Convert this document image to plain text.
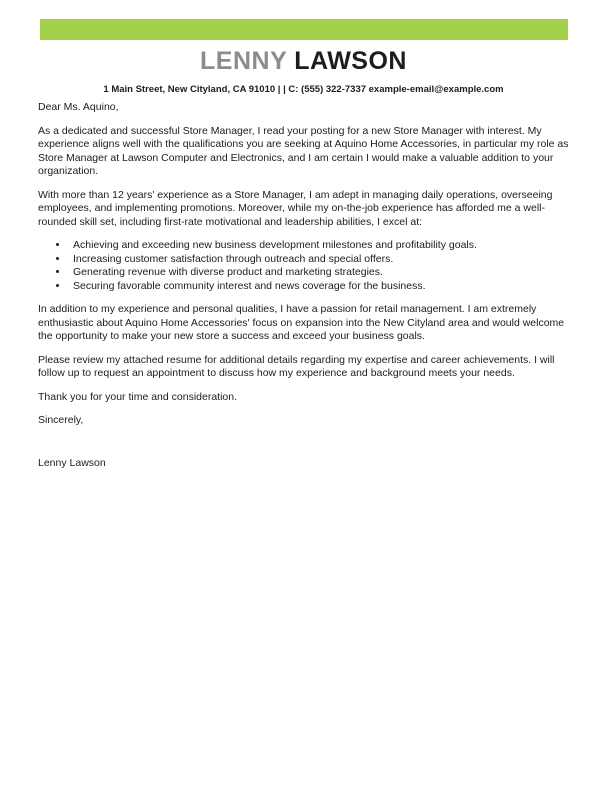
LENNY LAWSON
1 Main Street, New Cityland, CA 91010 | | C: (555) 322-7337 example-email@example.com

Dear Ms. Aquino,

As a dedicated and successful Store Manager, I read your posting for a new Store Manager with interest. My experience aligns well with the qualifications you are seeking at Aquino Home Accessories, in particular my role as Store Manager at Lawson Computer and Electronics, and I am certain I would make a valuable addition to your organization.

With more than 12 years' experience as a Store Manager, I am adept in managing daily operations, overseeing employees, and implementing promotions. Moreover, while my on-the-job experience has afforded me a well-rounded skill set, including first-rate motivational and leadership abilities, I excel at:

• Achieving and exceeding new business development milestones and profitability goals.
• Increasing customer satisfaction through outreach and special offers.
• Generating revenue with diverse product and marketing strategies.
• Securing favorable community interest and news coverage for the business.

In addition to my experience and personal qualities, I have a passion for retail management. I am extremely enthusiastic about Aquino Home Accessories' focus on expansion into the New Cityland area and would welcome the opportunity to make your new store a success and exceed your business goals.

Please review my attached resume for additional details regarding my expertise and career achievements. I will follow up to request an appointment to discuss how my experience and background meets your needs.

Thank you for your time and consideration.

Sincerely,

Lenny Lawson
